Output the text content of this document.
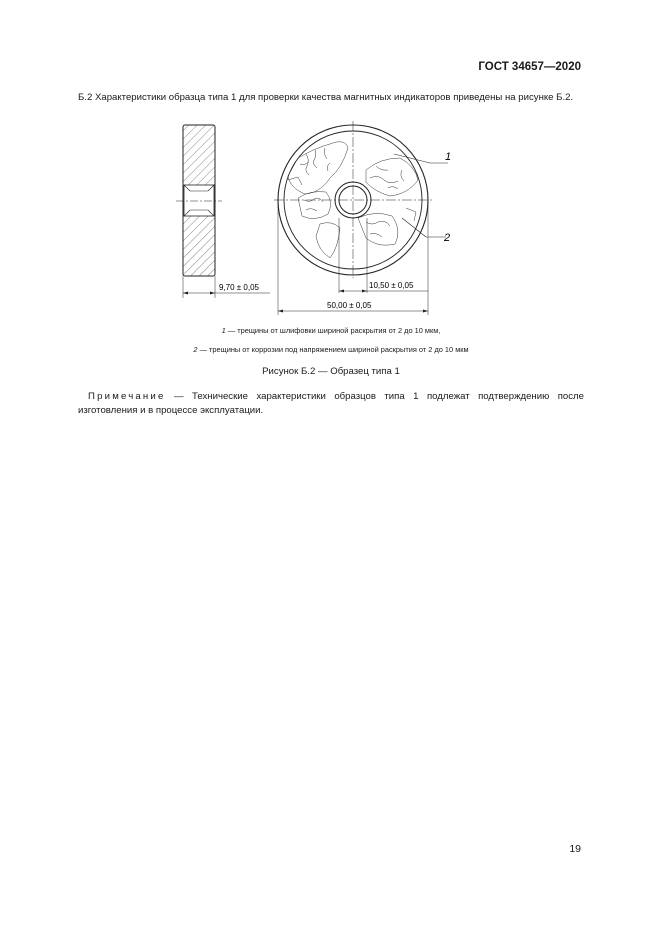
ГОСТ 34657—2020
Б.2 Характеристики образца типа 1 для проверки качества магнитных индикаторов приведены на рисунке Б.2.
9,70 ± 0,05
1
2
10,50 ± 0,05
50,00 ± 0,05
1 — трещины от шлифовки шириной раскрытия от 2 до 10 мкм,
2 — трещины от коррозии под напряжением шириной раскрытия от 2 до 10 мкм
Рисунок Б.2 — Образец типа 1
Примечание — Технические характеристики образцов типа 1 подлежат подтверждению после изготовления и в процессе эксплуатации.
19
